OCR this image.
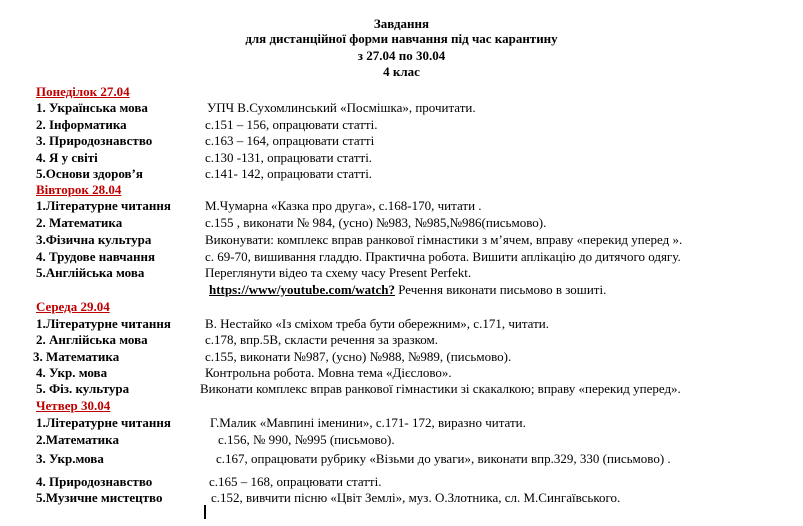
Завдання
для дистанційної форми навчання під час карантину
з 27.04 по 30.04
4 клас
Понеділок 27.04
1. Українська мова	УПЧ В.Сухомлинський «Посмішка», прочитати.
2. Інформатика	с.151 – 156, опрацювати статті.
3. Природознавство	с.163 – 164, опрацювати статті
4. Я у світі	с.130 -131, опрацювати статті.
5.Основи здоров’я	с.141- 142, опрацювати статті.
Вівторок 28.04
1.Літературне читання	М.Чумарна «Казка про друга», с.168-170, читати .
2. Математика	с.155 , виконати № 984, (усно) №983, №985,№986(письмово).
3.Фізична культура	Виконувати: комплекс вправ ранкової гімнастики з м’ячем, вправу «перекид уперед ».
4. Трудове навчання	с. 69-70, вишивання гладдю. Практична робота. Вишити аплікацію до дитячого одягу.
5.Англійська мова	Переглянути відео та схему часу Present Perfekt.
https://www/youtube.com/watch? Речення виконати письмово в зошиті.
Середа 29.04
1.Літературне читання	В. Нестайко «Із сміхом треба бути обережним», с.171, читати.
2. Англійська мова	с.178, впр.5В, скласти речення за зразком.
3. Математика	с.155, виконати №987, (усно) №988, №989, (письмово).
4. Укр. мова	Контрольна робота. Мовна тема «Дієслово».
5. Фіз. культура	Виконати комплекс вправ ранкової гімнастики зі скакалкою; вправу «перекид уперед».
Четвер 30.04
1.Літературне читання	Г.Малик «Мавпині іменини», с.171- 172, виразно читати.
2.Математика	с.156, № 990, №995 (письмово).
3. Укр.мова	с.167, опрацювати рубрику «Візьми до уваги», виконати впр.329, 330 (письмово) .
4. Природознавство	с.165 – 168, опрацювати статті.
5.Музичне мистецтво	с.152, вивчити пісню «Цвіт Землі», муз. О.Злотника, сл. М.Сингаївського.
